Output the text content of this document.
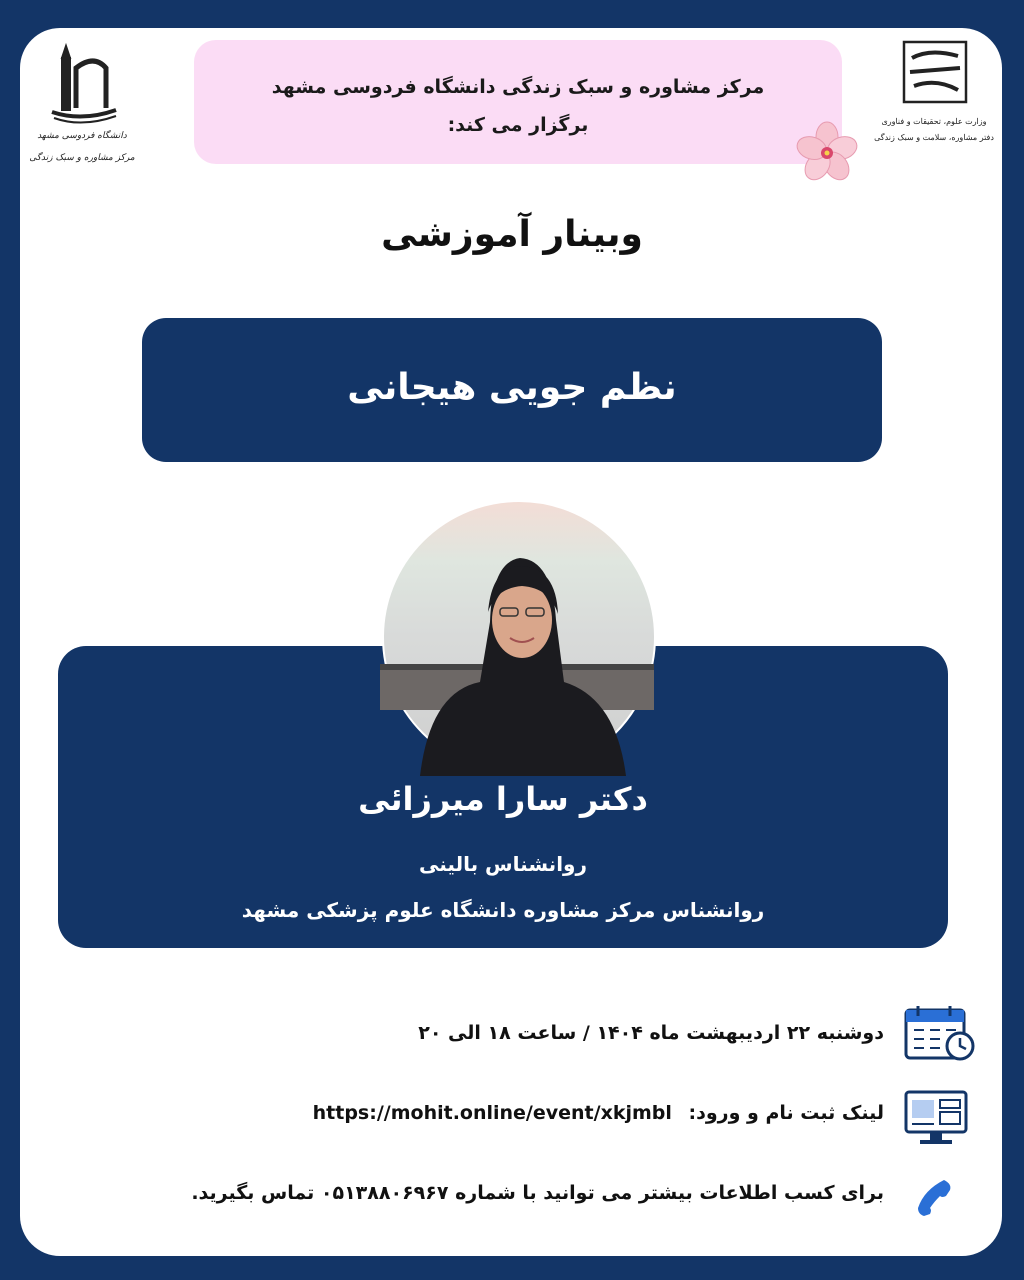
دانشگاه فردوسی مشهد
مرکز مشاوره و سبک زندگی
وزارت علوم، تحقیقات و فناوری
دفتر مشاوره، سلامت و سبک زندگی
مرکز مشاوره و سبک زندگی دانشگاه فردوسی مشهد
برگزار می کند:
وبینار آموزشی
نظم جویی هیجانی
دکتر سارا میرزائی
روانشناس بالینی
روانشناس مرکز مشاوره دانشگاه علوم پزشکی مشهد
دوشنبه ۲۲ اردیبهشت ماه ۱۴۰۴ / ساعت ۱۸ الی ۲۰
لینک ثبت نام و ورود: https://mohit.online/event/xkjmbl
برای کسب اطلاعات بیشتر می توانید با شماره ۰۵۱۳۸۸۰۶۹۶۷ تماس بگیرید.
